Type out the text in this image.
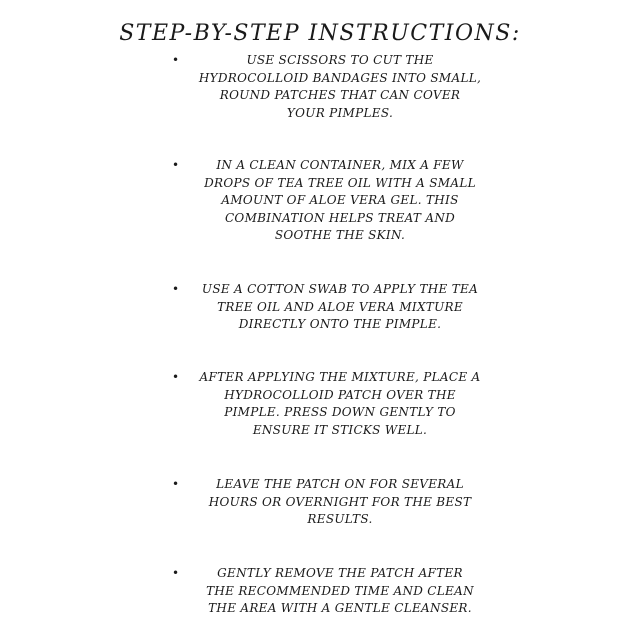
STEP-BY-STEP INSTRUCTIONS:
•	USE SCISSORS TO CUT THE
HYDROCOLLOID BANDAGES INTO SMALL,
ROUND PATCHES THAT CAN COVER
YOUR PIMPLES.
•	IN A CLEAN CONTAINER, MIX A FEW
DROPS OF TEA TREE OIL WITH A SMALL
AMOUNT OF ALOE VERA GEL. THIS
COMBINATION HELPS TREAT AND
SOOTHE THE SKIN.
•	USE A COTTON SWAB TO APPLY THE TEA
TREE OIL AND ALOE VERA MIXTURE
DIRECTLY ONTO THE PIMPLE.
•	AFTER APPLYING THE MIXTURE, PLACE A
HYDROCOLLOID PATCH OVER THE
PIMPLE. PRESS DOWN GENTLY TO
ENSURE IT STICKS WELL.
•	LEAVE THE PATCH ON FOR SEVERAL
HOURS OR OVERNIGHT FOR THE BEST
RESULTS.
•	GENTLY REMOVE THE PATCH AFTER
THE RECOMMENDED TIME AND CLEAN
THE AREA WITH A GENTLE CLEANSER.
